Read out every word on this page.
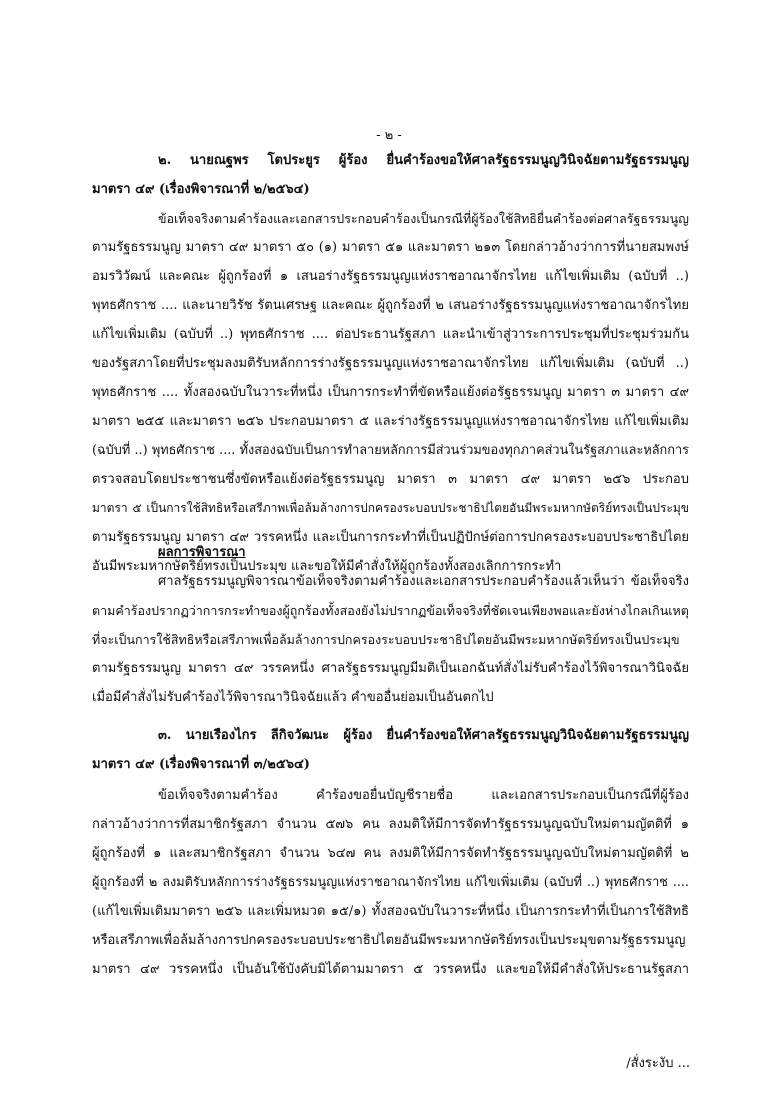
- ๒ -
๒. นายณฐพร โตประยูร ผู้ร้อง ยื่นคำร้องขอให้ศาลรัฐธรรมนูญวินิจฉัยตามรัฐธรรมนูญ
มาตรา ๔๙ (เรื่องพิจารณาที่ ๒/๒๕๖๔)
ข้อเท็จจริงตามคำร้องและเอกสารประกอบคำร้องเป็นกรณีที่ผู้ร้องใช้สิทธิยื่นคำร้องต่อศาลรัฐธรรมนูญ
ตามรัฐธรรมนูญ มาตรา ๔๙ มาตรา ๕๐ (๑) มาตรา ๕๑ และมาตรา ๒๑๓ โดยกล่าวอ้างว่าการที่นายสมพงษ์
อมรวิวัฒน์ และคณะ ผู้ถูกร้องที่ ๑ เสนอร่างรัฐธรรมนูญแห่งราชอาณาจักรไทย แก้ไขเพิ่มเติม (ฉบับที่ ..)
พุทธศักราช .... และนายวิรัช รัตนเศรษฐ และคณะ ผู้ถูกร้องที่ ๒ เสนอร่างรัฐธรรมนูญแห่งราชอาณาจักรไทย
แก้ไขเพิ่มเติม (ฉบับที่ ..) พุทธศักราช .... ต่อประธานรัฐสภา และนำเข้าสู่วาระการประชุมที่ประชุมร่วมกัน
ของรัฐสภาโดยที่ประชุมลงมติรับหลักการร่างรัฐธรรมนูญแห่งราชอาณาจักรไทย แก้ไขเพิ่มเติม (ฉบับที่ ..)
พุทธศักราช .... ทั้งสองฉบับในวาระที่หนึ่ง เป็นการกระทำที่ขัดหรือแย้งต่อรัฐธรรมนูญ มาตรา ๓ มาตรา ๔๙
มาตรา ๒๕๕ และมาตรา ๒๕๖ ประกอบมาตรา ๕ และร่างรัฐธรรมนูญแห่งราชอาณาจักรไทย แก้ไขเพิ่มเติม
(ฉบับที่ ..) พุทธศักราช .... ทั้งสองฉบับเป็นการทำลายหลักการมีส่วนร่วมของทุกภาคส่วนในรัฐสภาและหลักการ
ตรวจสอบโดยประชาชนซึ่งขัดหรือแย้งต่อรัฐธรรมนูญ มาตรา ๓ มาตรา ๔๙ มาตรา ๒๕๖ ประกอบ
มาตรา ๕ เป็นการใช้สิทธิหรือเสรีภาพเพื่อล้มล้างการปกครองระบอบประชาธิปไตยอันมีพระมหากษัตริย์ทรงเป็นประมุข
ตามรัฐธรรมนูญ มาตรา ๔๙ วรรคหนึ่ง และเป็นการกระทำที่เป็นปฏิปักษ์ต่อการปกครองระบอบประชาธิปไตย
อันมีพระมหากษัตริย์ทรงเป็นประมุข และขอให้มีคำสั่งให้ผู้ถูกร้องทั้งสองเลิกการกระทำ
ผลการพิจารณา
ศาลรัฐธรรมนูญพิจารณาข้อเท็จจริงตามคำร้องและเอกสารประกอบคำร้องแล้วเห็นว่า ข้อเท็จจริง
ตามคำร้องปรากฏว่าการกระทำของผู้ถูกร้องทั้งสองยังไม่ปรากฏข้อเท็จจริงที่ชัดเจนเพียงพอและยังห่างไกลเกินเหตุ
ที่จะเป็นการใช้สิทธิหรือเสรีภาพเพื่อล้มล้างการปกครองระบอบประชาธิปไตยอันมีพระมหากษัตริย์ทรงเป็นประมุข
ตามรัฐธรรมนูญ มาตรา ๔๙ วรรคหนึ่ง ศาลรัฐธรรมนูญมีมติเป็นเอกฉันท์สั่งไม่รับคำร้องไว้พิจารณาวินิจฉัย
เมื่อมีคำสั่งไม่รับคำร้องไว้พิจารณาวินิจฉัยแล้ว คำขออื่นย่อมเป็นอันตกไป
๓. นายเรืองไกร ลีกิจวัฒนะ ผู้ร้อง ยื่นคำร้องขอให้ศาลรัฐธรรมนูญวินิจฉัยตามรัฐธรรมนูญ
มาตรา ๔๙ (เรื่องพิจารณาที่ ๓/๒๕๖๔)
ข้อเท็จจริงตามคำร้อง คำร้องขอยื่นบัญชีรายชื่อ และเอกสารประกอบเป็นกรณีที่ผู้ร้อง
กล่าวอ้างว่าการที่สมาชิกรัฐสภา จำนวน ๕๗๖ คน ลงมติให้มีการจัดทำรัฐธรรมนูญฉบับใหม่ตามญัตติที่ ๑
ผู้ถูกร้องที่ ๑ และสมาชิกรัฐสภา จำนวน ๖๔๗ คน ลงมติให้มีการจัดทำรัฐธรรมนูญฉบับใหม่ตามญัตติที่ ๒
ผู้ถูกร้องที่ ๒ ลงมติรับหลักการร่างรัฐธรรมนูญแห่งราชอาณาจักรไทย แก้ไขเพิ่มเติม (ฉบับที่ ..) พุทธศักราช ....
(แก้ไขเพิ่มเติมมาตรา ๒๕๖ และเพิ่มหมวด ๑๕/๑) ทั้งสองฉบับในวาระที่หนึ่ง เป็นการกระทำที่เป็นการใช้สิทธิ
หรือเสรีภาพเพื่อล้มล้างการปกครองระบอบประชาธิปไตยอันมีพระมหากษัตริย์ทรงเป็นประมุขตามรัฐธรรมนูญ
มาตรา ๔๙ วรรคหนึ่ง เป็นอันใช้บังคับมิได้ตามมาตรา ๕ วรรคหนึ่ง และขอให้มีคำสั่งให้ประธานรัฐสภา
/สั่งระงับ ...
